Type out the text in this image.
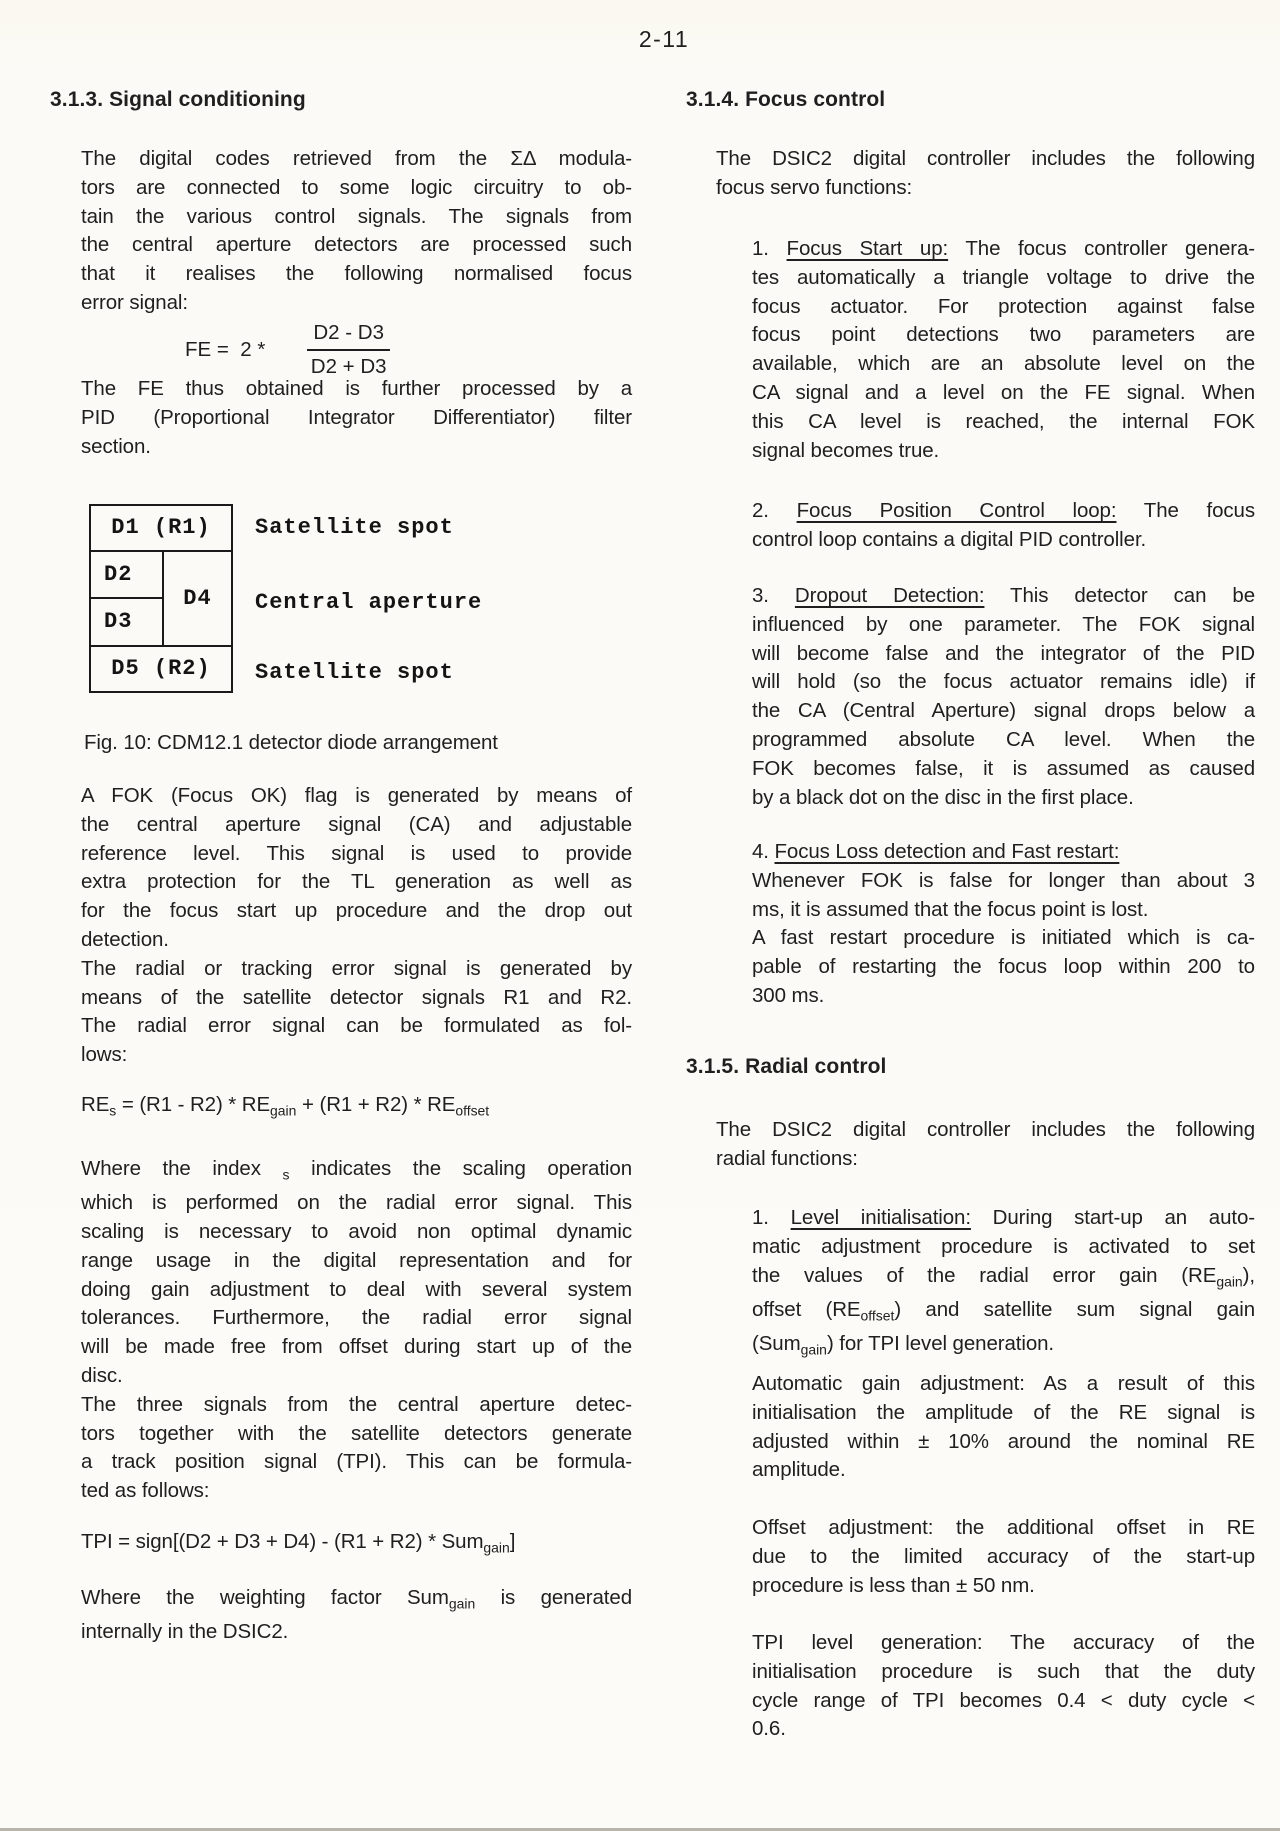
2-11
3.1.3. Signal conditioning
The digital codes retrieved from the ΣΔ modula-
tors are connected to some logic circuitry to ob-
tain the various control signals. The signals from
the central aperture detectors are processed such
that it realises the following normalised focus
error signal:
FE =  $2 * \frac{D2 - D3}{D2 + D3}$
The FE thus obtained is further processed by a
PID (Proportional Integrator Differentiator) filter
section.
D1 (R1)
D2
D3
D4
D5 (R2)
Satellite spot
Central aperture
Satellite spot
Fig. 10: CDM12.1 detector diode arrangement
A FOK (Focus OK) flag is generated by means of
the central aperture signal (CA) and adjustable
reference level. This signal is used to provide
extra protection for the TL generation as well as
for the focus start up procedure and the drop out
detection.
The radial or tracking error signal is generated by
means of the satellite detector signals R1 and R2.
The radial error signal can be formulated as fol-
lows:
$RE_s = (R1 - R2) * RE_{gain} + (R1 + R2) * RE_{offset}$
Where the index $_s$ indicates the scaling operation
which is performed on the radial error signal. This
scaling is necessary to avoid non optimal dynamic
range usage in the digital representation and for
doing gain adjustment to deal with several system
tolerances. Furthermore, the radial error signal
will be made free from offset during start up of the
disc.
The three signals from the central aperture detec-
tors together with the satellite detectors generate
a track position signal (TPI). This can be formula-
ted as follows:
TPI = sign[(D2 + D3 + D4) - (R1 + R2) * Sum$_{gain}$]
Where the weighting factor Sum$_{gain}$ is generated
internally in the DSIC2.
3.1.4. Focus control
The DSIC2 digital controller includes the following
focus servo functions:
1. Focus Start up: The focus controller genera-
tes automatically a triangle voltage to drive the
focus actuator. For protection against false
focus point detections two parameters are
available, which are an absolute level on the
CA signal and a level on the FE signal. When
this CA level is reached, the internal FOK
signal becomes true.
2. Focus Position Control loop: The focus
control loop contains a digital PID controller.
3. Dropout Detection: This detector can be
influenced by one parameter. The FOK signal
will become false and the integrator of the PID
will hold (so the focus actuator remains idle) if
the CA (Central Aperture) signal drops below a
programmed absolute CA level. When the
FOK becomes false, it is assumed as caused
by a black dot on the disc in the first place.
4. Focus Loss detection and Fast restart:
Whenever FOK is false for longer than about 3
ms, it is assumed that the focus point is lost.
A fast restart procedure is initiated which is ca-
pable of restarting the focus loop within 200 to
300 ms.
3.1.5. Radial control
The DSIC2 digital controller includes the following
radial functions:
1. Level initialisation: During start-up an auto-
matic adjustment procedure is activated to set
the values of the radial error gain $(RE_{gain})$,
offset $(RE_{offset})$ and satellite sum signal gain
(Sum$_{gain}$) for TPI level generation.
Automatic gain adjustment: As a result of this
initialisation the amplitude of the RE signal is
adjusted within ± 10% around the nominal RE
amplitude.
Offset adjustment: the additional offset in RE
due to the limited accuracy of the start-up
procedure is less than ± 50 nm.
TPI level generation: The accuracy of the
initialisation procedure is such that the duty
cycle range of TPI becomes 0.4 < duty cycle <
0.6.
